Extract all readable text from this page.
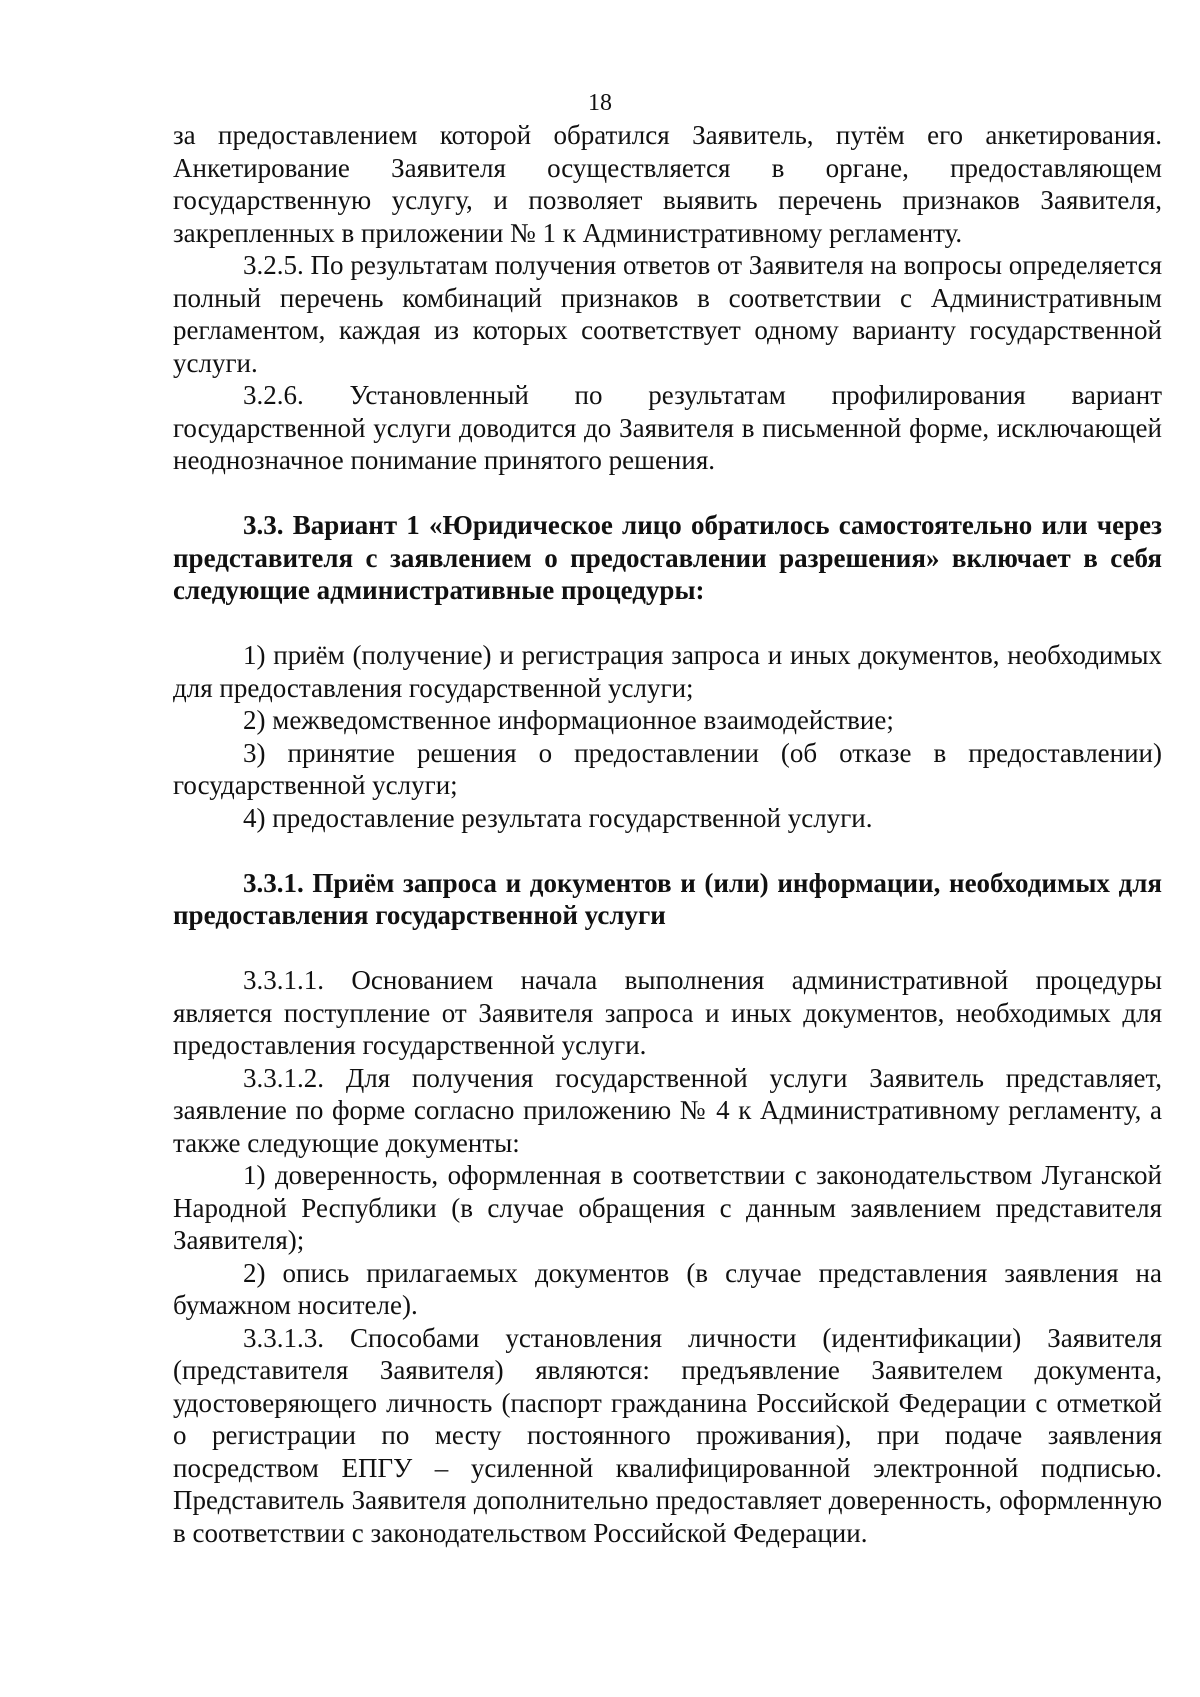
18

за предоставлением которой обратился Заявитель, путём его анкетирования. Анкетирование Заявителя осуществляется в органе, предоставляющем государственную услугу, и позволяет выявить перечень признаков Заявителя, закрепленных в приложении № 1 к Административному регламенту.

3.2.5. По результатам получения ответов от Заявителя на вопросы определяется полный перечень комбинаций признаков в соответствии с Административным регламентом, каждая из которых соответствует одному варианту государственной услуги.

3.2.6. Установленный по результатам профилирования вариант государственной услуги доводится до Заявителя в письменной форме, исключающей неоднозначное понимание принятого решения.

3.3. Вариант 1 «Юридическое лицо обратилось самостоятельно или через представителя с заявлением о предоставлении разрешения» включает в себя следующие административные процедуры:

1) приём (получение) и регистрация запроса и иных документов, необходимых для предоставления государственной услуги;

2) межведомственное информационное взаимодействие;

3) принятие решения о предоставлении (об отказе в предоставлении) государственной услуги;

4) предоставление результата государственной услуги.

3.3.1. Приём запроса и документов и (или) информации, необходимых для предоставления государственной услуги

3.3.1.1. Основанием начала выполнения административной процедуры является поступление от Заявителя запроса и иных документов, необходимых для предоставления государственной услуги.

3.3.1.2. Для получения государственной услуги Заявитель представляет, заявление по форме согласно приложению № 4 к Административному регламенту, а также следующие документы:

1) доверенность, оформленная в соответствии с законодательством Луганской Народной Республики (в случае обращения с данным заявлением представителя Заявителя);

2) опись прилагаемых документов (в случае представления заявления на бумажном носителе).

3.3.1.3. Способами установления личности (идентификации) Заявителя (представителя Заявителя) являются: предъявление Заявителем документа, удостоверяющего личность (паспорт гражданина Российской Федерации с отметкой о регистрации по месту постоянного проживания), при подаче заявления посредством ЕПГУ – усиленной квалифицированной электронной подписью. Представитель Заявителя дополнительно предоставляет доверенность, оформленную в соответствии с законодательством Российской Федерации.
